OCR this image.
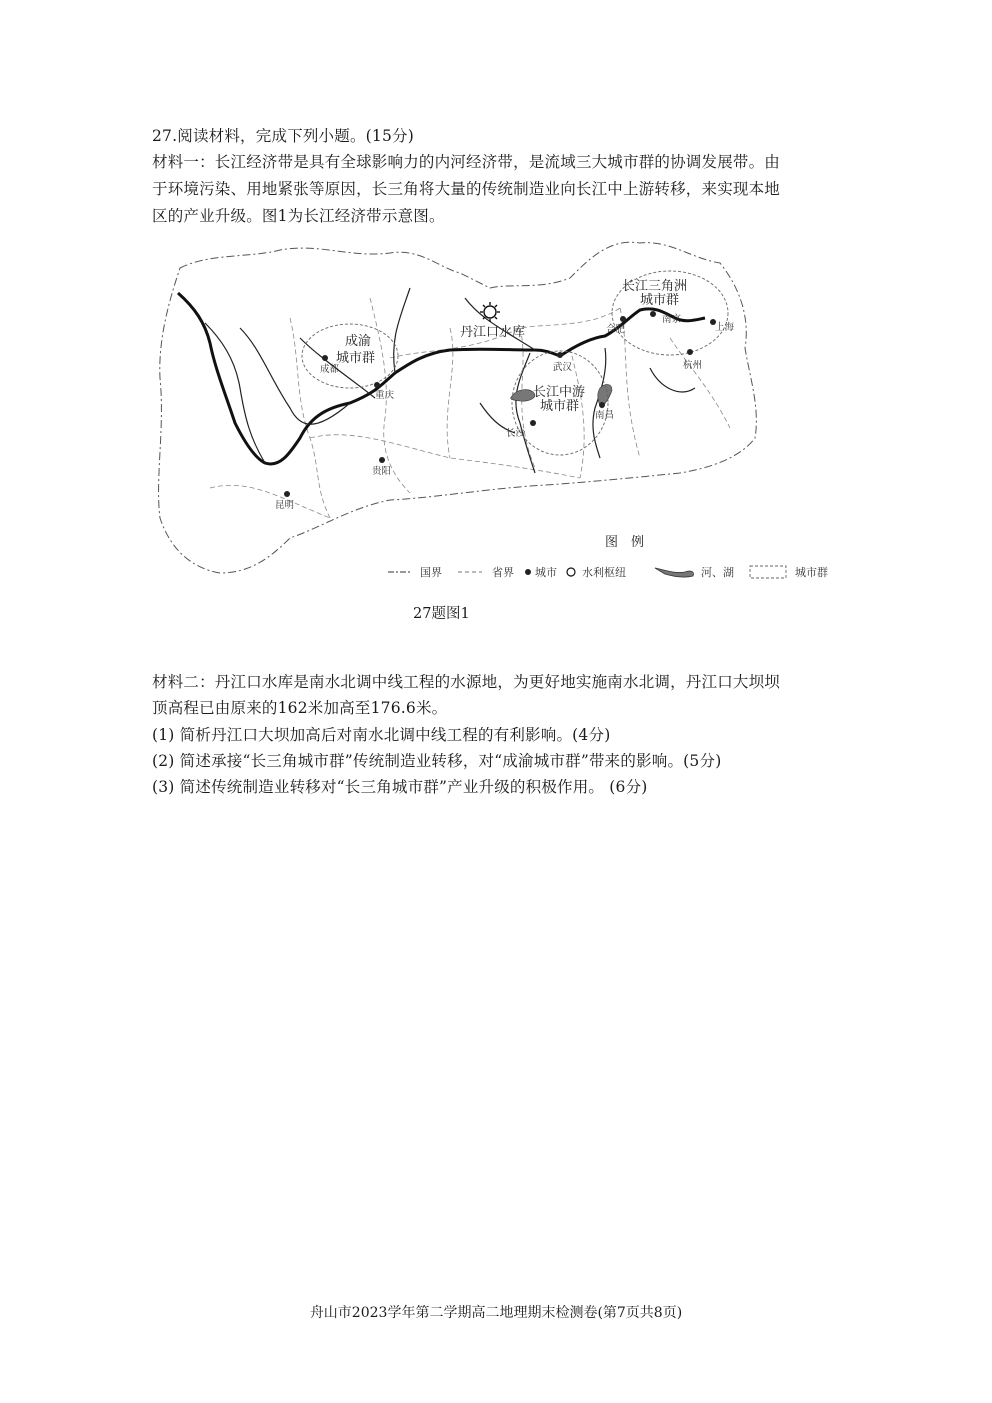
27.阅读材料，完成下列小题。(15分)
材料一：长江经济带是具有全球影响力的内河经济带，是流域三大城市群的协调发展带。由
于环境污染、用地紧张等原因，长三角将大量的传统制造业向长江中上游转移，来实现本地
区的产业升级。图1为长江经济带示意图。
成渝
城市群
长江中游
城市群
长江三角洲
城市群
丹江口水库
成都
重庆
贵阳
昆明
武汉
长沙
南昌
合肥
南京
上海
杭州
图　例
国界	省界 城市 水利枢纽	河、湖	城市群
27题图1
材料二：丹江口水库是南水北调中线工程的水源地，为更好地实施南水北调，丹江口大坝坝
顶高程已由原来的162米加高至176.6米。
(1) 简析丹江口大坝加高后对南水北调中线工程的有利影响。(4分)
(2) 简述承接“长三角城市群”传统制造业转移，对“成渝城市群”带来的影响。(5分)
(3) 简述传统制造业转移对“长三角城市群”产业升级的积极作用。 (6分)
舟山市2023学年第二学期高二地理期末检测卷(第7页共8页)
